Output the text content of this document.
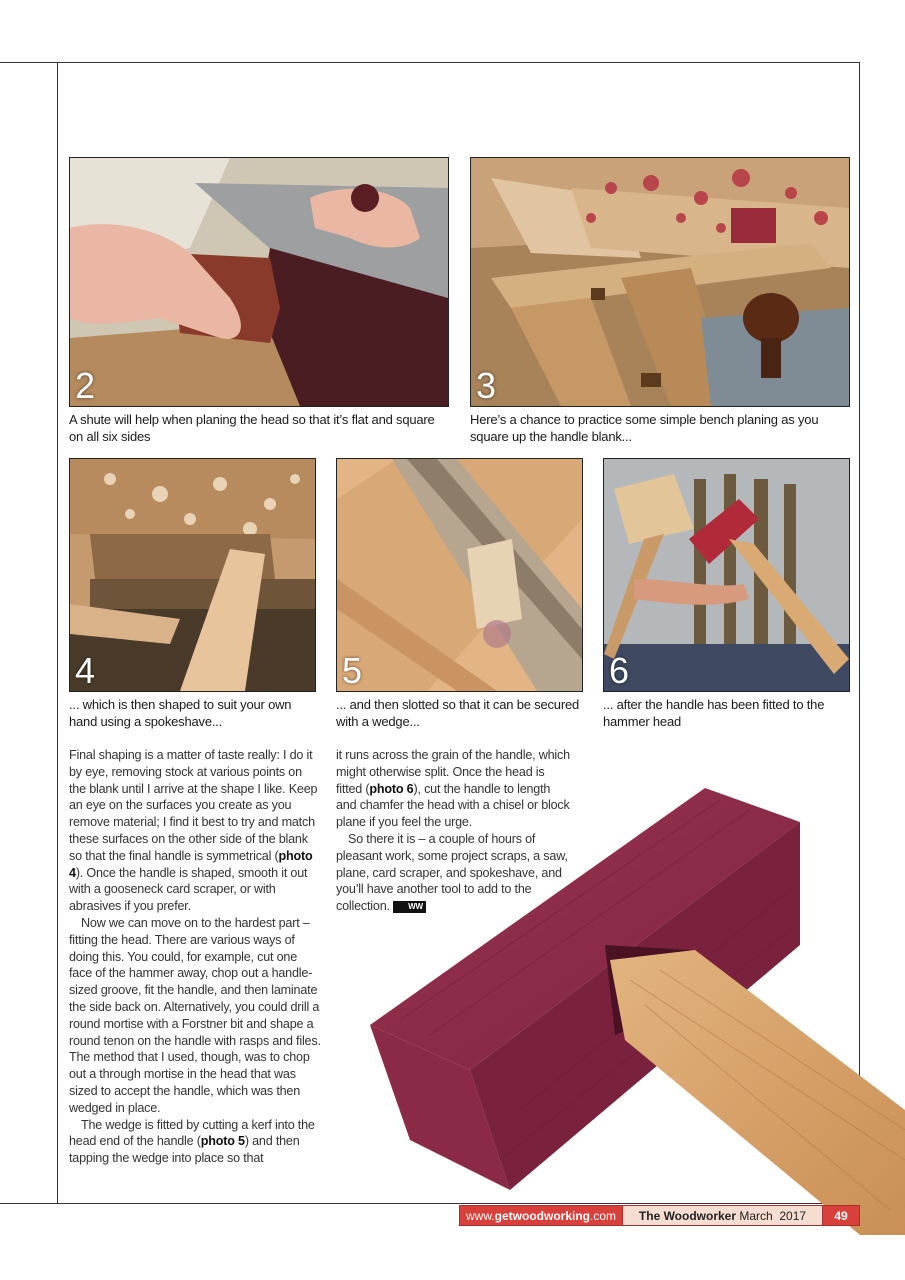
2
A shute will help when planing the head so that it’s flat and square on all six sides
3
Here’s a chance to practice some simple bench planing as you square up the handle blank...
4
... which is then shaped to suit your own hand using a spokeshave...
5
... and then slotted so that it can be secured with a wedge...
6
... after the handle has been fitted to the hammer head

Final shaping is a matter of taste really: I do it by eye, removing stock at various points on the blank until I arrive at the shape I like. Keep an eye on the surfaces you create as you remove material; I find it best to try and match these surfaces on the other side of the blank so that the final handle is symmetrical (photo 4). Once the handle is shaped, smooth it out with a gooseneck card scraper, or with abrasives if you prefer.

Now we can move on to the hardest part – fitting the head. There are various ways of doing this. You could, for example, cut one face of the hammer away, chop out a handle-sized groove, fit the handle, and then laminate the side back on. Alternatively, you could drill a round mortise with a Forstner bit and shape a round tenon on the handle with rasps and files. The method that I used, though, was to chop out a through mortise in the head that was sized to accept the handle, which was then wedged in place.

The wedge is fitted by cutting a kerf into the head end of the handle (photo 5) and then tapping the wedge into place so that

it runs across the grain of the handle, which might otherwise split. Once the head is fitted (photo 6), cut the handle to length and chamfer the head with a chisel or block plane if you feel the urge.

So there it is – a couple of hours of pleasant work, some project scraps, a saw, plane, card scraper, and spokeshave, and you’ll have another tool to add to the collection. WW

www.getwoodworking.com	The Woodworker March  2017	49
